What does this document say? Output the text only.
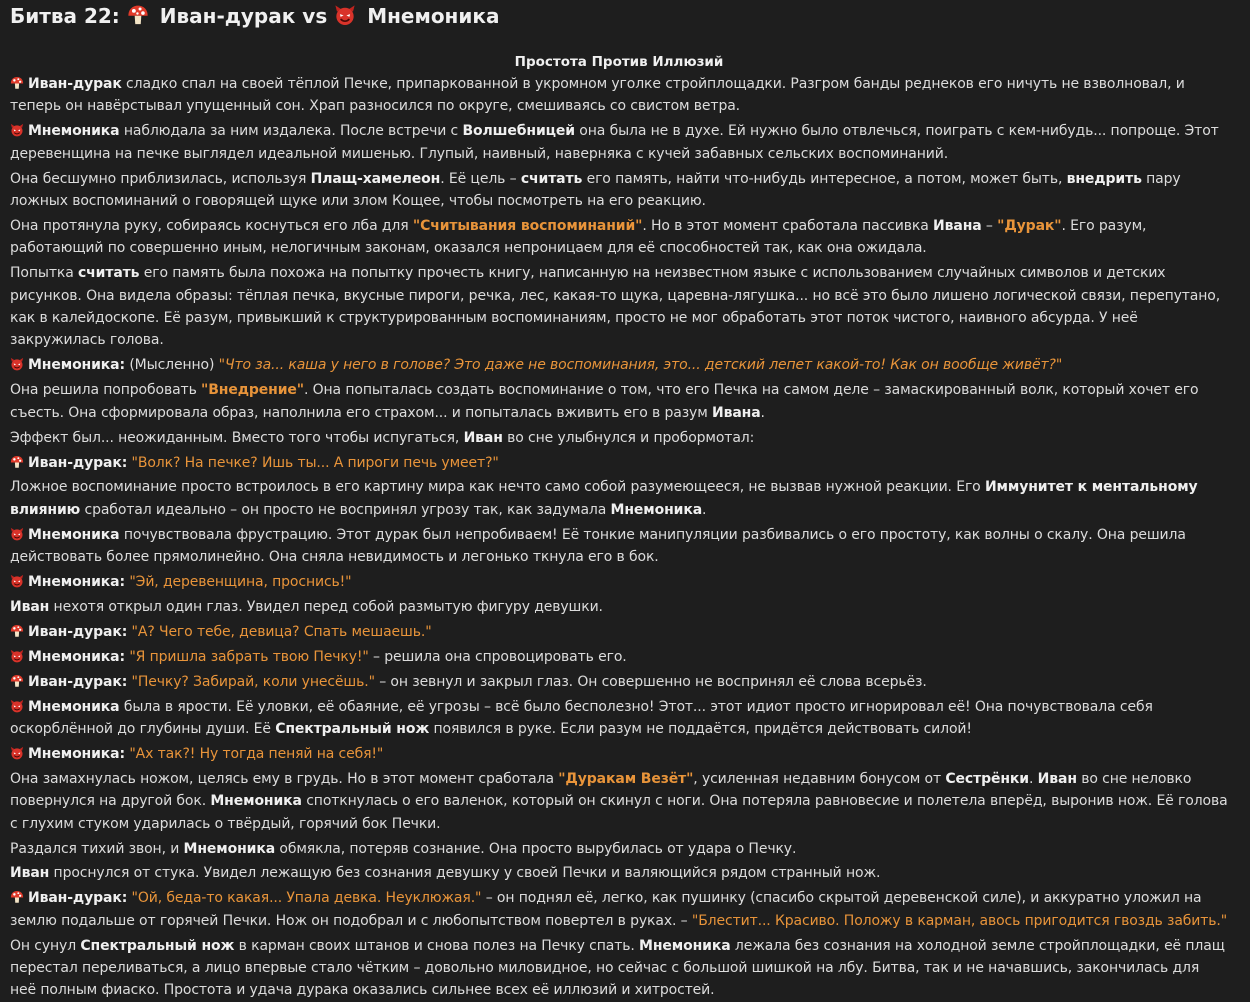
Битва 22: Иван-дурак vs Мнемоника
Простота Против Иллюзий

Иван-дурак сладко спал на своей тёплой Печке, припаркованной в укромном уголке стройплощадки. Разгром банды реднеков его ничуть не взволновал, и теперь он навёрстывал упущенный сон. Храп разносился по округе, смешиваясь со свистом ветра.

Мнемоника наблюдала за ним издалека. После встречи с Волшебницей она была не в духе. Ей нужно было отвлечься, поиграть с кем-нибудь... попроще. Этот деревенщина на печке выглядел идеальной мишенью. Глупый, наивный, наверняка с кучей забавных сельских воспоминаний.

Она бесшумно приблизилась, используя Плащ-хамелеон. Её цель – считать его память, найти что-нибудь интересное, а потом, может быть, внедрить пару ложных воспоминаний о говорящей щуке или злом Кощее, чтобы посмотреть на его реакцию.

Она протянула руку, собираясь коснуться его лба для "Считывания воспоминаний". Но в этот момент сработала пассивка Ивана – "Дурак". Его разум, работающий по совершенно иным, нелогичным законам, оказался непроницаем для её способностей так, как она ожидала.

Попытка считать его память была похожа на попытку прочесть книгу, написанную на неизвестном языке с использованием случайных символов и детских рисунков. Она видела образы: тёплая печка, вкусные пироги, речка, лес, какая-то щука, царевна-лягушка... но всё это было лишено логической связи, перепутано, как в калейдоскопе. Её разум, привыкший к структурированным воспоминаниям, просто не мог обработать этот поток чистого, наивного абсурда. У неё закружилась голова.

Мнемоника: (Мысленно) "Что за... каша у него в голове? Это даже не воспоминания, это... детский лепет какой-то! Как он вообще живёт?"

Она решила попробовать "Внедрение". Она попыталась создать воспоминание о том, что его Печка на самом деле – замаскированный волк, который хочет его съесть. Она сформировала образ, наполнила его страхом... и попыталась вживить его в разум Ивана.

Эффект был... неожиданным. Вместо того чтобы испугаться, Иван во сне улыбнулся и пробормотал:

Иван-дурак: "Волк? На печке? Ишь ты... А пироги печь умеет?"

Ложное воспоминание просто встроилось в его картину мира как нечто само собой разумеющееся, не вызвав нужной реакции. Его Иммунитет к ментальному влиянию сработал идеально – он просто не воспринял угрозу так, как задумала Мнемоника.

Мнемоника почувствовала фрустрацию. Этот дурак был непробиваем! Её тонкие манипуляции разбивались о его простоту, как волны о скалу. Она решила действовать более прямолинейно. Она сняла невидимость и легонько ткнула его в бок.

Мнемоника: "Эй, деревенщина, проснись!"

Иван нехотя открыл один глаз. Увидел перед собой размытую фигуру девушки.

Иван-дурак: "А? Чего тебе, девица? Спать мешаешь."

Мнемоника: "Я пришла забрать твою Печку!" – решила она спровоцировать его.

Иван-дурак: "Печку? Забирай, коли унесёшь." – он зевнул и закрыл глаз. Он совершенно не воспринял её слова всерьёз.

Мнемоника была в ярости. Её уловки, её обаяние, её угрозы – всё было бесполезно! Этот... этот идиот просто игнорировал её! Она почувствовала себя оскорблённой до глубины души. Её Спектральный нож появился в руке. Если разум не поддаётся, придётся действовать силой!

Мнемоника: "Ах так?! Ну тогда пеняй на себя!"

Она замахнулась ножом, целясь ему в грудь. Но в этот момент сработала "Дуракам Везёт", усиленная недавним бонусом от Сестрёнки. Иван во сне неловко повернулся на другой бок. Мнемоника споткнулась о его валенок, который он скинул с ноги. Она потеряла равновесие и полетела вперёд, выронив нож. Её голова с глухим стуком ударилась о твёрдый, горячий бок Печки.

Раздался тихий звон, и Мнемоника обмякла, потеряв сознание. Она просто вырубилась от удара о Печку.

Иван проснулся от стука. Увидел лежащую без сознания девушку у своей Печки и валяющийся рядом странный нож.

Иван-дурак: "Ой, беда-то какая... Упала девка. Неуклюжая." – он поднял её, легко, как пушинку (спасибо скрытой деревенской силе), и аккуратно уложил на землю подальше от горячей Печки. Нож он подобрал и с любопытством повертел в руках. – "Блестит... Красиво. Положу в карман, авось пригодится гвоздь забить."

Он сунул Спектральный нож в карман своих штанов и снова полез на Печку спать. Мнемоника лежала без сознания на холодной земле стройплощадки, её плащ перестал переливаться, а лицо впервые стало чётким – довольно миловидное, но сейчас с большой шишкой на лбу. Битва, так и не начавшись, закончилась для неё полным фиаско. Простота и удача дурака оказались сильнее всех её иллюзий и хитростей.
